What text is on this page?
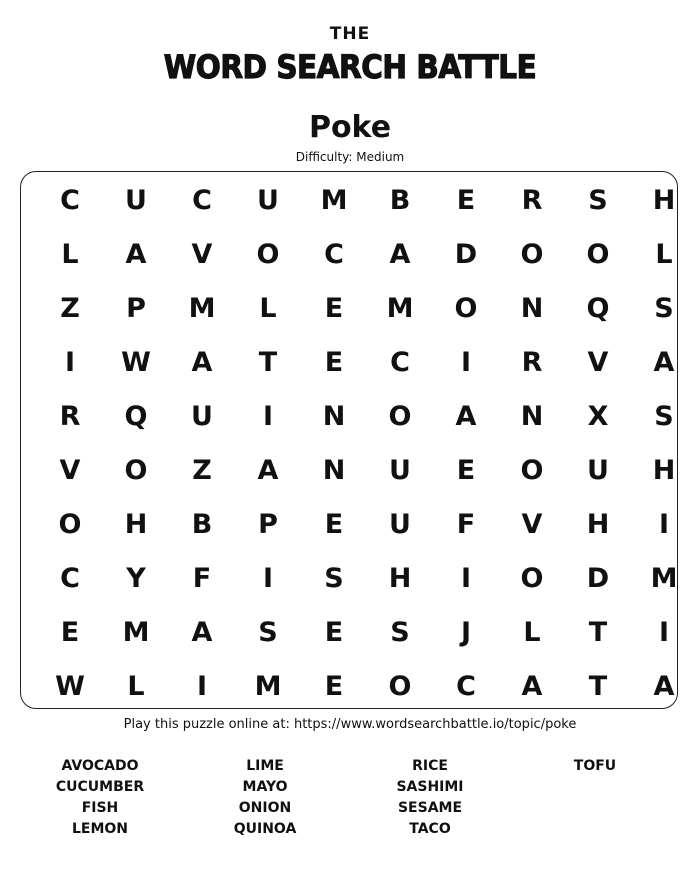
THE
WORD SEARCH BATTLE
Poke
Difficulty: Medium
C	U	C	U	M	B	E	R	S	H
L	A	V	O	C	A	D	O	O	L
Z	P	M	L	E	M	O	N	Q	S
I	W	A	T	E	C	I	R	V	A
R	Q	U	I	N	O	A	N	X	S
V	O	Z	A	N	U	E	O	U	H
O	H	B	P	E	U	F	V	H	I
C	Y	F	I	S	H	I	O	D	M
E	M	A	S	E	S	J	L	T	I
W	L	I	M	E	O	C	A	T	A
Play this puzzle online at: https://www.wordsearchbattle.io/topic/poke
AVOCADO
CUCUMBER
FISH
LEMON
LIME
MAYO
ONION
QUINOA
RICE
SASHIMI
SESAME
TACO
TOFU
